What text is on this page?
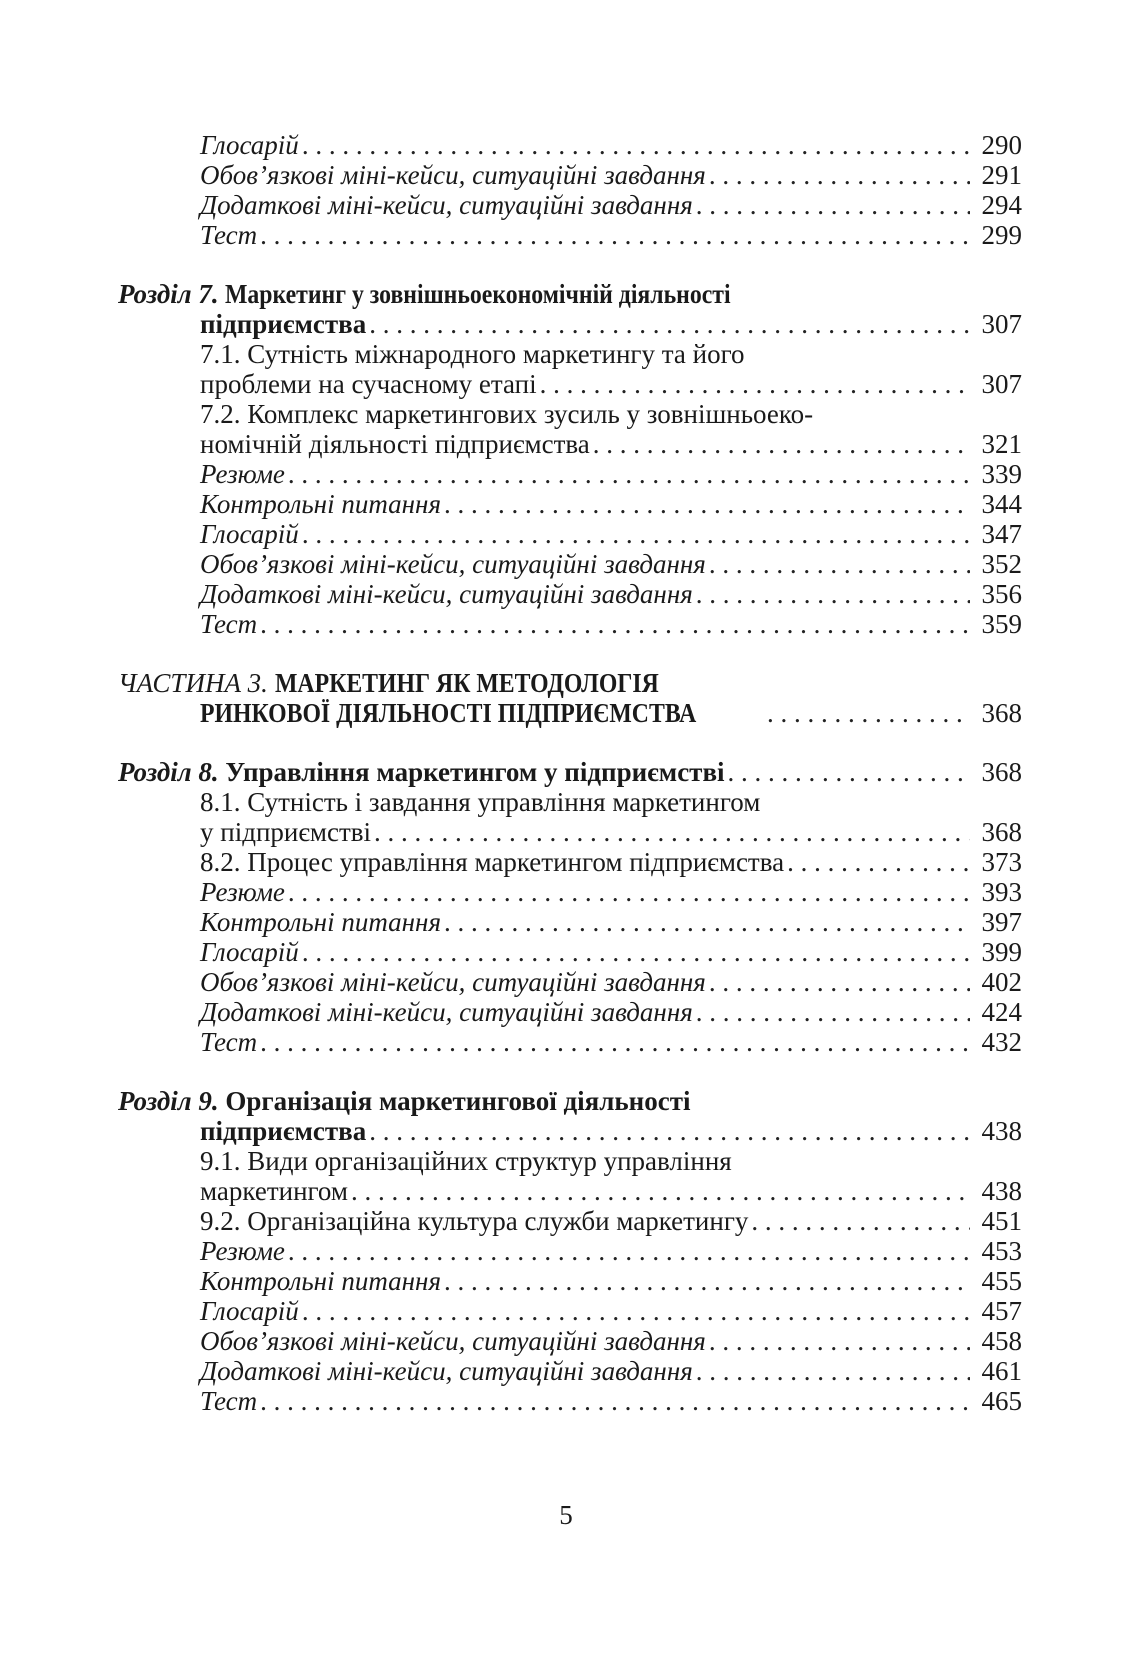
Глосарій . . .	290
Обов’язкові міні-кейси, ситуаційні завдання . . .	291
Додаткові міні-кейси, ситуаційні завдання . . .	294
Тест . . .	299
Розділ 7. Маркетинг у зовнішньоекономічній діяльності
підприємства . . .	307
7.1. Сутність міжнародного маркетингу та його
проблеми на сучасному етапі . . .	307
7.2. Комплекс маркетингових зусиль у зовнішньоеко-
номічній діяльності підприємства . . .	321
Резюме . . .	339
Контрольні питання . . .	344
Глосарій . . .	347
Обов’язкові міні-кейси, ситуаційні завдання . . .	352
Додаткові міні-кейси, ситуаційні завдання . . .	356
Тест . . .	359
ЧАСТИНА 3. МАРКЕТИНГ ЯК МЕТОДОЛОГІЯ
РИНКОВОЇ ДІЯЛЬНОСТІ ПІДПРИЄМСТВА . . .	368
Розділ 8. Управління маркетингом у підприємстві . . .	368
8.1. Сутність і завдання управління маркетингом
у підприємстві . . .	368
8.2. Процес управління маркетингом підприємства . . .	373
Резюме . . .	393
Контрольні питання . . .	397
Глосарій . . .	399
Обов’язкові міні-кейси, ситуаційні завдання . . .	402
Додаткові міні-кейси, ситуаційні завдання . . .	424
Тест . . .	432
Розділ 9. Організація маркетингової діяльності
підприємства . . .	438
9.1. Види організаційних структур управління
маркетингом . . .	438
9.2. Організаційна культура служби маркетингу . . .	451
Резюме . . .	453
Контрольні питання . . .	455
Глосарій . . .	457
Обов’язкові міні-кейси, ситуаційні завдання . . .	458
Додаткові міні-кейси, ситуаційні завдання . . .	461
Тест . . .	465
5
